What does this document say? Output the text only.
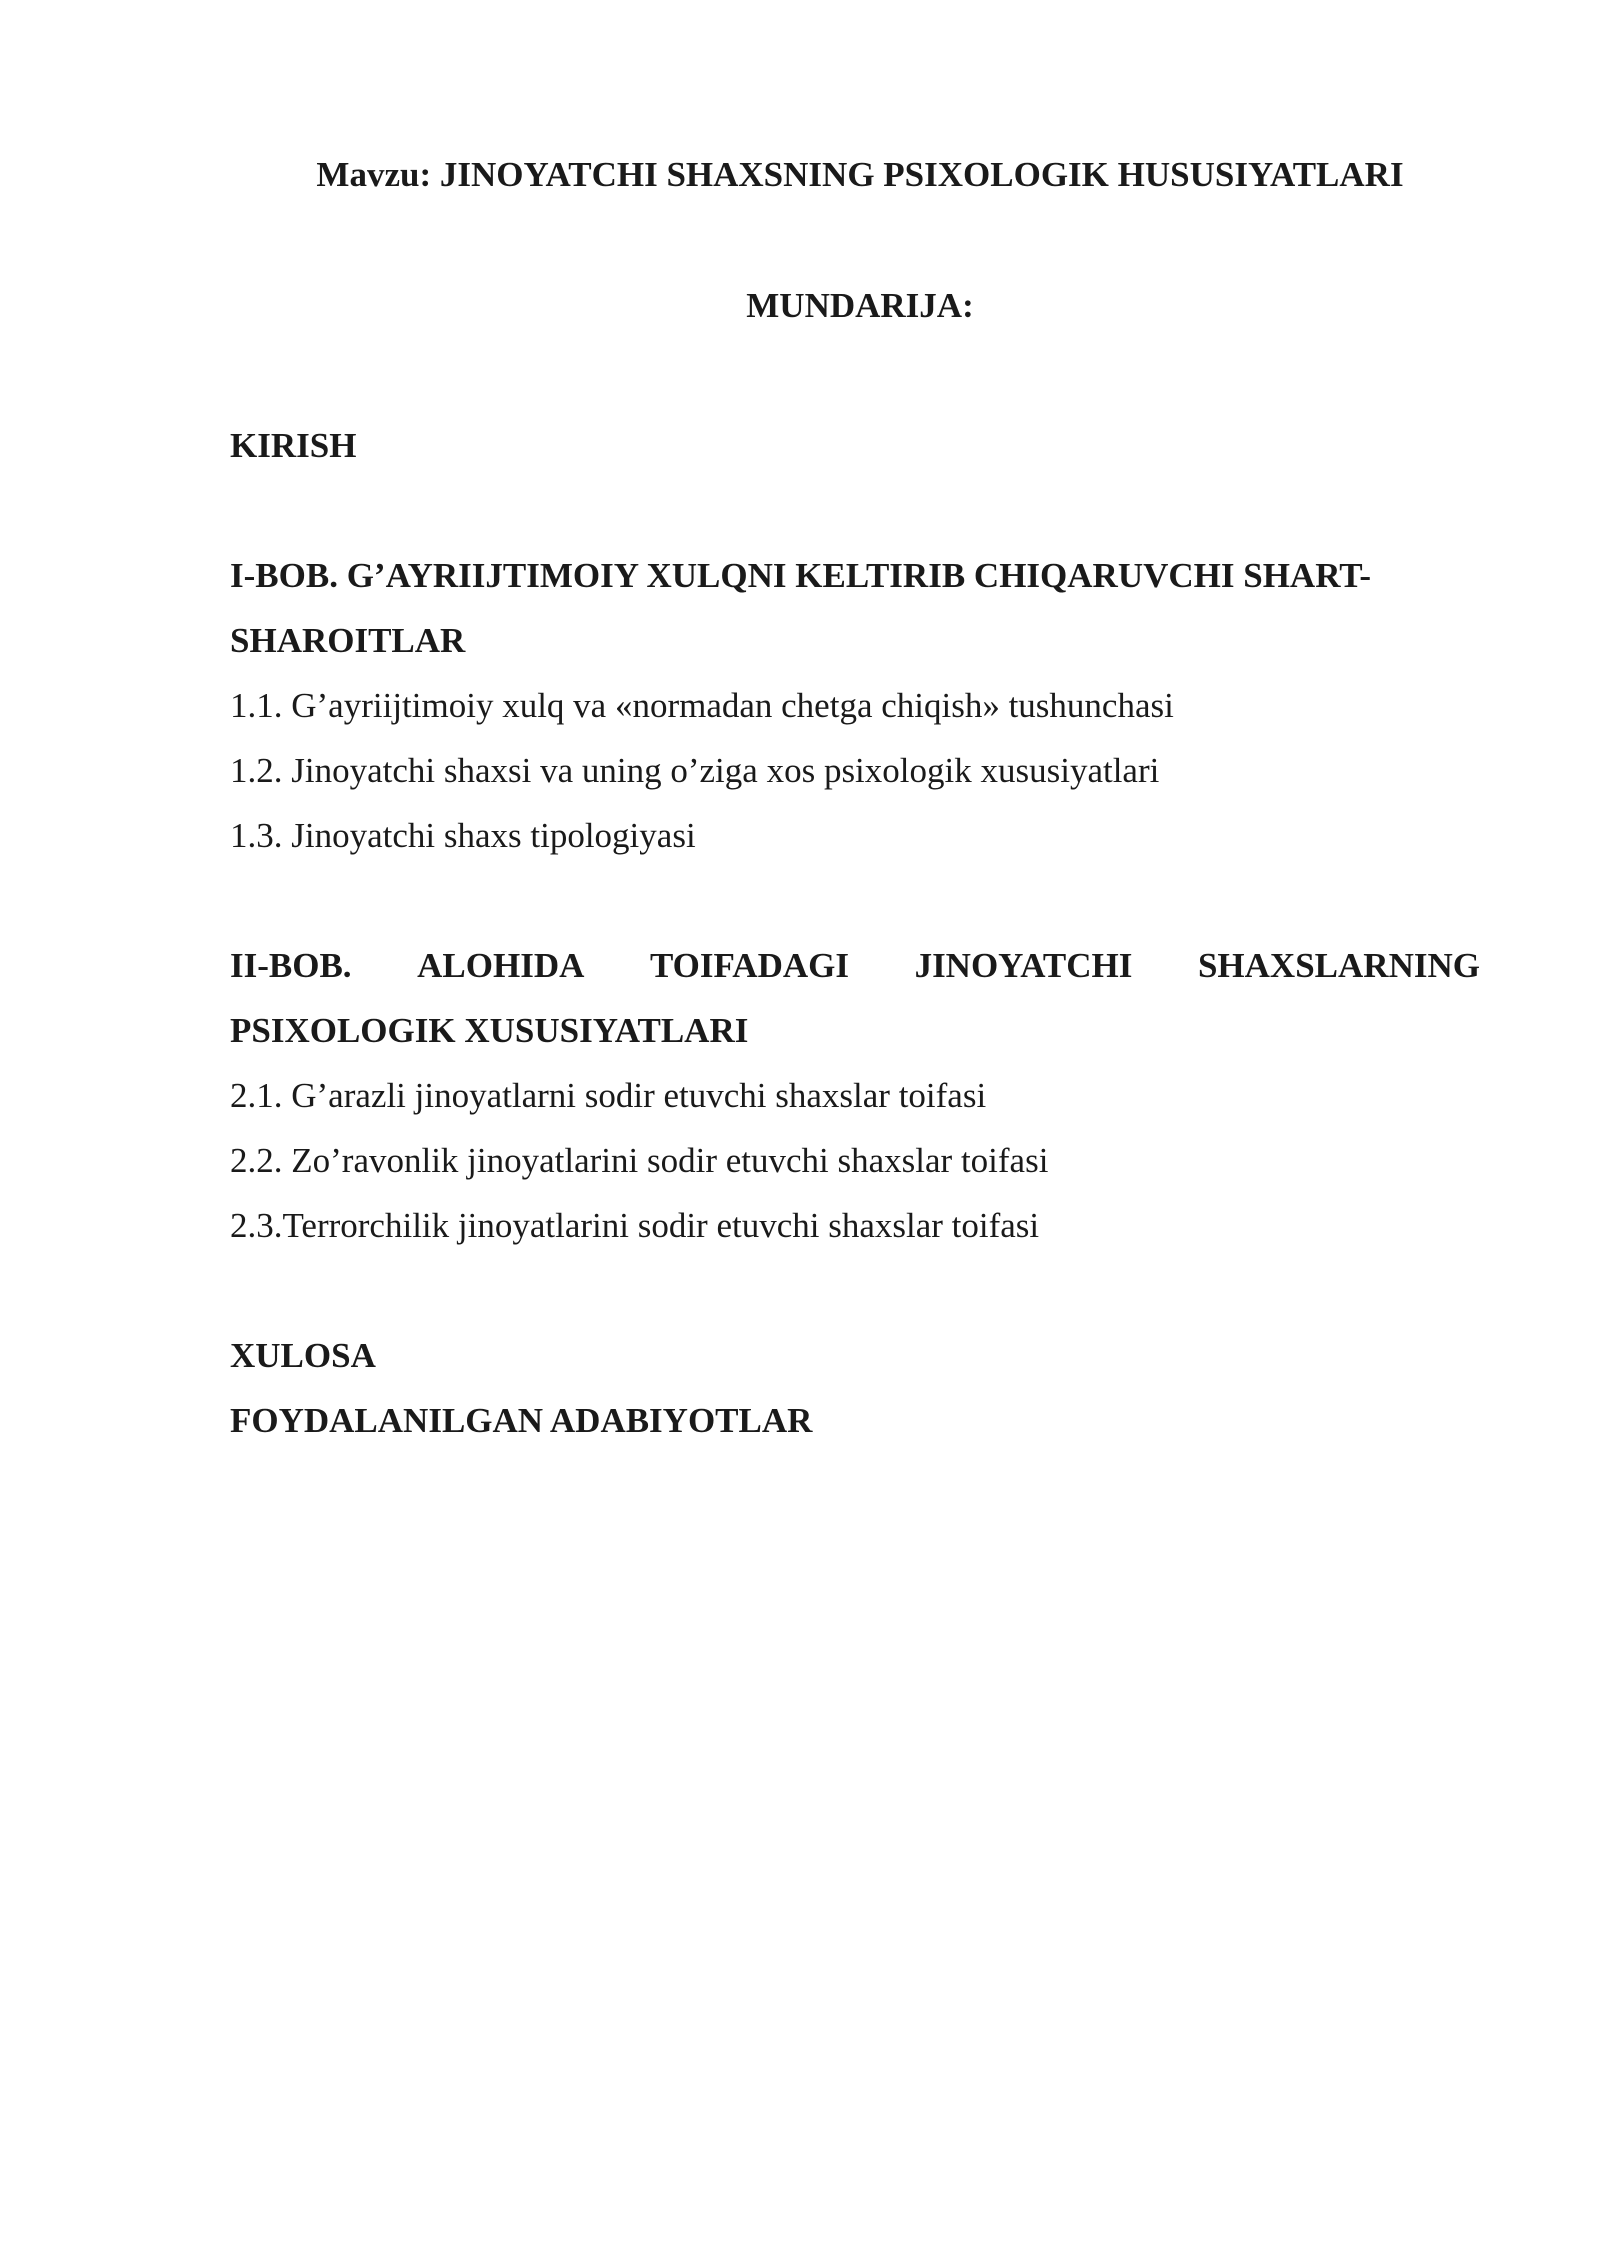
Mavzu: JINOYATCHI SHAXSNING PSIXOLOGIK HUSUSIYATLARI
MUNDARIJA:
KIRISH
I-BOB. G’AYRIIJTIMOIY XULQNI KELTIRIB CHIQARUVCHI SHART-
SHAROITLAR
1.1. G’ayriijtimoiy xulq va «normadan chetga chiqish» tushunchasi
1.2. Jinoyatchi shaxsi va uning o’ziga xos psixologik xususiyatlari
1.3. Jinoyatchi shaxs tipologiyasi
II-BOB. ALOHIDA TOIFADAGI JINOYATCHI SHAXSLARNING
PSIXOLOGIK XUSUSIYATLARI
2.1. G’arazli jinoyatlarni sodir etuvchi shaxslar toifasi
2.2. Zo’ravonlik jinoyatlarini sodir etuvchi shaxslar toifasi
2.3.Terrorchilik jinoyatlarini sodir etuvchi shaxslar toifasi
XULOSA
FOYDALANILGAN ADABIYOTLAR
